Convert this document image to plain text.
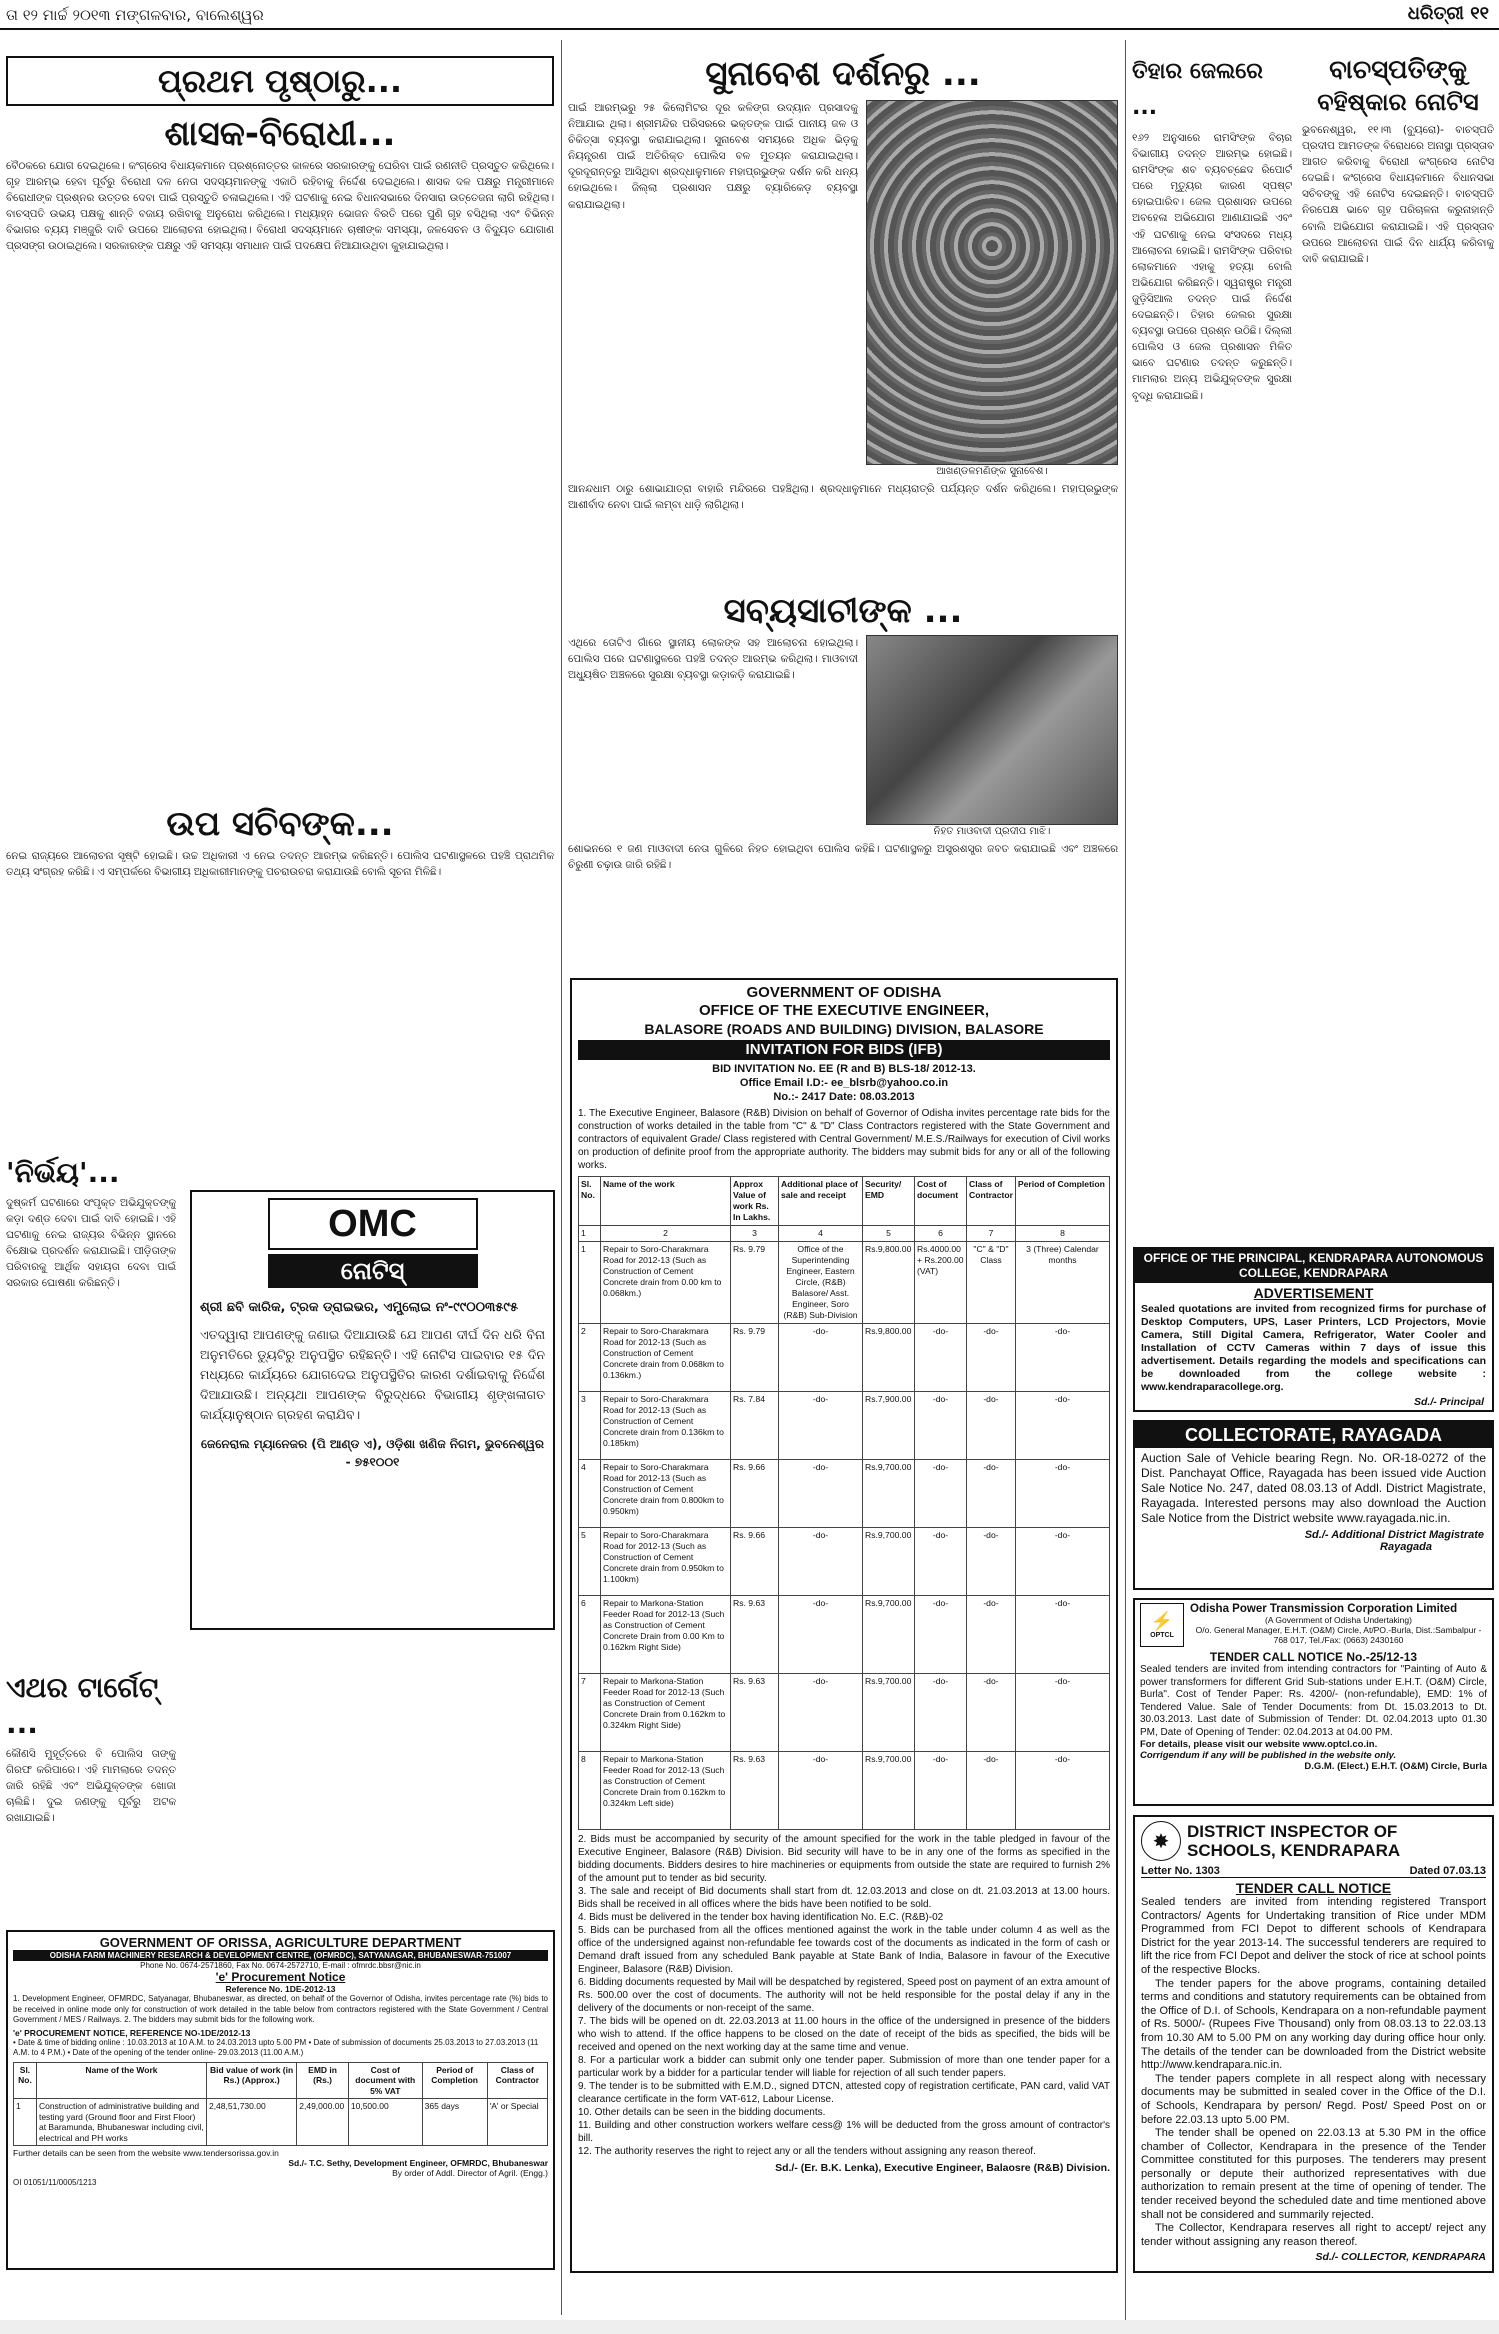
ତା ୧୨ ମାର୍ଚ୍ଚ ୨୦୧୩ ମଙ୍ଗଳବାର, ବାଲେଶ୍ୱର	ଧରିତ୍ରୀ ୧୧
ପ୍ରଥମ ପୃଷ୍ଠାରୁ...
ଶାସକ-ବିରୋଧୀ...

ବୈଠକରେ ଯୋଗ ଦେଇଥିଲେ। କଂଗ୍ରେସ ବିଧାୟକମାନେ ପ୍ରଶ୍ନୋତ୍ତର କାଳରେ ସରକାରଙ୍କୁ ଘେରିବା ପାଇଁ ରଣନୀତି ପ୍ରସ୍ତୁତ କରିଥିଲେ। ଗୃହ ଆରମ୍ଭ ହେବା ପୂର୍ବରୁ ବିରୋଧୀ ଦଳ ନେତା ସଦସ୍ୟମାନଙ୍କୁ ଏକାଠି ରହିବାକୁ ନିର୍ଦ୍ଦେଶ ଦେଇଥିଲେ। ଶାସକ ଦଳ ପକ୍ଷରୁ ମନ୍ତ୍ରୀମାନେ ବିରୋଧୀଙ୍କ ପ୍ରଶ୍ନର ଉତ୍ତର ଦେବା ପାଇଁ ପ୍ରସ୍ତୁତି ଚଳାଇଥିଲେ। ଏହି ଘଟଣାକୁ ନେଇ ବିଧାନସଭାରେ ଦିନସାରା ଉତ୍ତେଜନା ଲାଗି ରହିଥିଲା। ବାଚସ୍ପତି ଉଭୟ ପକ୍ଷକୁ ଶାନ୍ତି ବଜାୟ ରଖିବାକୁ ଅନୁରୋଧ କରିଥିଲେ। ମଧ୍ୟାହ୍ନ ଭୋଜନ ବିରତି ପରେ ପୁଣି ଗୃହ ବସିଥିଲା ଏବଂ ବିଭିନ୍ନ ବିଭାଗର ବ୍ୟୟ ମଞ୍ଜୁରି ଦାବି ଉପରେ ଆଲୋଚନା ହୋଇଥିଲା। ବିରୋଧୀ ସଦସ୍ୟମାନେ ଚାଷୀଙ୍କ ସମସ୍ୟା, ଜଳସେଚନ ଓ ବିଦ୍ୟୁତ ଯୋଗାଣ ପ୍ରସଙ୍ଗ ଉଠାଇଥିଲେ। ସରକାରଙ୍କ ପକ୍ଷରୁ ଏହି ସମସ୍ୟା ସମାଧାନ ପାଇଁ ପଦକ୍ଷେପ ନିଆଯାଉଥିବା କୁହାଯାଇଥିଲା।

ଉପ ସଚିବଙ୍କ...

ନେଇ ରାଜ୍ୟରେ ଆଲୋଚନା ସୃଷ୍ଟି ହୋଇଛି। ଉଚ୍ଚ ଅଧିକାରୀ ଏ ନେଇ ତଦନ୍ତ ଆରମ୍ଭ କରିଛନ୍ତି। ପୋଲିସ ଘଟଣାସ୍ଥଳରେ ପହଞ୍ଚି ପ୍ରାଥମିକ ତଥ୍ୟ ସଂଗ୍ରହ କରିଛି। ଏ ସମ୍ପର୍କରେ ବିଭାଗୀୟ ଅଧିକାରୀମାନଙ୍କୁ ପଚରାଉଚରା କରାଯାଉଛି ବୋଲି ସୂଚନା ମିଳିଛି।

'ନିର୍ଭୟ'...

ଦୁଷ୍କର୍ମ ଘଟଣାରେ ସଂପୃକ୍ତ ଅଭିଯୁକ୍ତଙ୍କୁ କଡ଼ା ଦଣ୍ଡ ଦେବା ପାଇଁ ଦାବି ହୋଇଛି। ଏହି ଘଟଣାକୁ ନେଇ ରାଜ୍ୟର ବିଭିନ୍ନ ସ୍ଥାନରେ ବିକ୍ଷୋଭ ପ୍ରଦର୍ଶନ କରାଯାଇଛି। ପୀଡ଼ିତାଙ୍କ ପରିବାରକୁ ଆର୍ଥିକ ସହାୟତା ଦେବା ପାଇଁ ସରକାର ଘୋଷଣା କରିଛନ୍ତି।

ଏଥର ଟାର୍ଗେଟ୍ ...

କୌଣସି ମୁହୂର୍ତ୍ତରେ ବି ପୋଲିସ ତାଙ୍କୁ ଗିରଫ କରିପାରେ। ଏହି ମାମଲାରେ ତଦନ୍ତ ଜାରି ରହିଛି ଏବଂ ଅଭିଯୁକ୍ତଙ୍କ ଖୋଜା ଚାଲିଛି। ଦୁଇ ଜଣଙ୍କୁ ପୂର୍ବରୁ ଅଟକ ରଖାଯାଇଛି।

OMC
ନୋଟିସ୍

ଶ୍ରୀ ଛବି କାରିକ, ଟ୍ରକ ଡ୍ରାଇଭର, ଏମ୍ପ୍ଲୋଇ ନଂ-୯୯୦୦୩୫୯୫

ଏତଦ୍ୱାରା ଆପଣଙ୍କୁ ଜଣାଇ ଦିଆଯାଉଛି ଯେ ଆପଣ ଦୀର୍ଘ ଦିନ ଧରି ବିନା ଅନୁମତିରେ ଡ୍ୟୁଟିରୁ ଅନୁପସ୍ଥିତ ରହିଛନ୍ତି। ଏହି ନୋଟିସ ପାଇବାର ୧୫ ଦିନ ମଧ୍ୟରେ କାର୍ଯ୍ୟରେ ଯୋଗଦେଇ ଅନୁପସ୍ଥିତିର କାରଣ ଦର୍ଶାଇବାକୁ ନିର୍ଦ୍ଦେଶ ଦିଆଯାଉଛି। ଅନ୍ୟଥା ଆପଣଙ୍କ ବିରୁଦ୍ଧରେ ବିଭାଗୀୟ ଶୃଙ୍ଖଳାଗତ କାର୍ଯ୍ୟାନୁଷ୍ଠାନ ଗ୍ରହଣ କରାଯିବ।

ଜେନେରାଲ ମ୍ୟାନେଜର (ପି ଆଣ୍ଡ ଏ), ଓଡ଼ିଶା ଖଣିଜ ନିଗମ, ଭୁବନେଶ୍ୱର - ୭୫୧୦୦୧

GOVERNMENT OF ORISSA, AGRICULTURE DEPARTMENT
ODISHA FARM MACHINERY RESEARCH & DEVELOPMENT CENTRE, (OFMRDC), SATYANAGAR, BHUBANESWAR-751007
Phone No. 0674-2571860, Fax No. 0674-2572710, E-mail : ofmrdc.bbsr@nic.in
'e' Procurement Notice
Reference No. 1DE-2012-13

1. Development Engineer, OFMRDC, Satyanagar, Bhubaneswar, as directed, on behalf of the Governor of Odisha, invites percentage rate (%) bids to be received in online mode only for construction of work detailed in the table below from contractors registered with the State Government / Central Government / MES / Railways. 2. The bidders may submit bids for the following work.

'e' PROCUREMENT NOTICE, REFERENCE NO-1DE/2012-13

• Date & time of bidding online : 10.03.2013 at 10 A.M. to 24.03.2013 upto 5.00 PM • Date of submission of documents 25.03.2013 to 27.03.2013 (11 A.M. to 4 P.M.) • Date of the opening of the tender online- 29.03.2013 (11.00 A.M.)

Sl. No.	Name of the Work	Bid value of work (in Rs.) (Approx.)	EMD in (Rs.)	Cost of document with 5% VAT	Period of Completion	Class of Contractor
1	Construction of administrative building and testing yard (Ground floor and First Floor) at Baramunda, Bhubaneswar including civil, electrical and PH works	2,48,51,730.00	2,49,000.00	10,500.00	365 days	'A' or Special
Further details can be seen from the website www.tendersorissa.gov.in
Sd./- T.C. Sethy, Development Engineer, OFMRDC, Bhubaneswar
By order of Addl. Director of Agril. (Engg.)
OI 01051/11/0005/1213
ସୁନାବେଶ ଦର୍ଶନରୁ ...

ପାଇଁ ଆରମ୍ଭରୁ ୨୫ କିଲୋମିଟର ଦୂର କଳିଙ୍ଗ ଉଦ୍ୟାନ ପ୍ରସାଦକୁ ନିଆଯାଇ ଥିଲା। ଶ୍ରୀମନ୍ଦିର ପରିସରରେ ଭକ୍ତଙ୍କ ପାଇଁ ପାନୀୟ ଜଳ ଓ ଚିକିତ୍ସା ବ୍ୟବସ୍ଥା କରାଯାଇଥିଲା। ସୁନାବେଶ ସମୟରେ ଅଧିକ ଭିଡ଼କୁ ନିୟନ୍ତ୍ରଣ ପାଇଁ ଅତିରିକ୍ତ ପୋଲିସ ବଳ ମୁତୟନ କରାଯାଇଥିଲା। ଦୂରଦୂରାନ୍ତରୁ ଆସିଥିବା ଶ୍ରଦ୍ଧାଳୁମାନେ ମହାପ୍ରଭୁଙ୍କ ଦର୍ଶନ କରି ଧନ୍ୟ ହୋଇଥିଲେ। ଜିଲ୍ଲା ପ୍ରଶାସନ ପକ୍ଷରୁ ବ୍ୟାରିକେଡ଼ ବ୍ୟବସ୍ଥା କରାଯାଇଥିଲା।

ଆଖଣ୍ଡଳମଣିଙ୍କ ସୁନାବେଶ।

ଆନନ୍ଦଧାମ ଠାରୁ ଶୋଭାଯାତ୍ରା ବାହାରି ମନ୍ଦିରରେ ପହଞ୍ଚିଥିଲା। ଶ୍ରଦ୍ଧାଳୁମାନେ ମଧ୍ୟରାତ୍ରି ପର୍ଯ୍ୟନ୍ତ ଦର୍ଶନ କରିଥିଲେ। ମହାପ୍ରଭୁଙ୍କ ଆଶୀର୍ବାଦ ନେବା ପାଇଁ ଲମ୍ବା ଧାଡ଼ି ଲାଗିଥିଲା।

ସବ୍ୟସାଚୀଙ୍କ ...

ଏଥିରେ ତୋଟିଏ ଗାଁରେ ସ୍ଥାନୀୟ ଲୋକଙ୍କ ସହ ଆଲୋଚନା ହୋଇଥିଲା। ପୋଲିସ ପରେ ଘଟଣାସ୍ଥଳରେ ପହଞ୍ଚି ତଦନ୍ତ ଆରମ୍ଭ କରିଥିଲା। ମାଓବାଦୀ ଅଧ୍ୟୁଷିତ ଅଞ୍ଚଳରେ ସୁରକ୍ଷା ବ୍ୟବସ୍ଥା କଡ଼ାକଡ଼ି କରାଯାଇଛି।

ନିହତ ମାଓବାଦୀ ପ୍ରଦୀପ ମାଝି।

ଶୋଭନରେ ୧ ଜଣ ମାଓବାଦୀ ନେତା ଗୁଳିରେ ନିହତ ହୋଇଥିବା ପୋଲିସ କହିଛି। ଘଟଣାସ୍ଥଳରୁ ଅସ୍ତ୍ରଶସ୍ତ୍ର ଜବତ କରାଯାଇଛି ଏବଂ ଅଞ୍ଚଳରେ ଚିରୁଣୀ ଚଢ଼ାଉ ଜାରି ରହିଛି।

GOVERNMENT OF ODISHA
OFFICE OF THE EXECUTIVE ENGINEER,
BALASORE (ROADS AND BUILDING) DIVISION, BALASORE
INVITATION FOR BIDS (IFB)
BID INVITATION No. EE (R and B) BLS-18/ 2012-13.
Office Email I.D:- ee_blsrb@yahoo.co.in
No.:- 2417 Date: 08.03.2013

1. The Executive Engineer, Balasore (R&B) Division on behalf of Governor of Odisha invites percentage rate bids for the construction of works detailed in the table from "C" & "D" Class Contractors registered with the State Government and contractors of equivalent Grade/ Class registered with Central Government/ M.E.S./Railways for execution of Civil works on production of definite proof from the appropriate authority. The bidders may submit bids for any or all of the following works.

Sl. No.	Name of the work	Approx Value of work Rs. In Lakhs.	Additional place of sale and receipt	Security/ EMD	Cost of document	Class of Contractor	Period of Completion
1	2	3	4	5	6	7	8
1	Repair to Soro-Charakmara Road for 2012-13 (Such as Construction of Cement Concrete drain from 0.00 km to 0.068km.)	Rs. 9.79	Office of the Superintending Engineer, Eastern Circle, (R&B) Balasore/ Asst. Engineer, Soro (R&B) Sub-Division	Rs.9,800.00	Rs.4000.00 + Rs.200.00 (VAT)	"C" & "D" Class	3 (Three) Calendar months
2	Repair to Soro-Charakmara Road for 2012-13 (Such as Construction of Cement Concrete drain from 0.068km to 0.136km.)	Rs. 9.79	-do-	Rs.9,800.00	-do-	-do-	-do-
3	Repair to Soro-Charakmara Road for 2012-13 (Such as Construction of Cement Concrete drain from 0.136km to 0.185km)	Rs. 7.84	-do-	Rs.7,900.00	-do-	-do-	-do-
4	Repair to Soro-Charakmara Road for 2012-13 (Such as Construction of Cement Concrete drain from 0.800km to 0.950km)	Rs. 9.66	-do-	Rs.9,700.00	-do-	-do-	-do-
5	Repair to Soro-Charakmara Road for 2012-13 (Such as Construction of Cement Concrete drain from 0.950km to 1.100km)	Rs. 9.66	-do-	Rs.9,700.00	-do-	-do-	-do-
6	Repair to Markona-Station Feeder Road for 2012-13 (Such as Construction of Cement Concrete Drain from 0.00 Km to 0.162km Right Side)	Rs. 9.63	-do-	Rs.9,700.00	-do-	-do-	-do-
7	Repair to Markona-Station Feeder Road for 2012-13 (Such as Construction of Cement Concrete Drain from 0.162km to 0.324km Right Side)	Rs. 9.63	-do-	Rs.9,700.00	-do-	-do-	-do-
8	Repair to Markona-Station Feeder Road for 2012-13 (Such as Construction of Cement Concrete Drain from 0.162km to 0.324km Left side)	Rs. 9.63	-do-	Rs.9,700.00	-do-	-do-	-do-

2. Bids must be accompanied by security of the amount specified for the work in the table pledged in favour of the Executive Engineer, Balasore (R&B) Division. Bid security will have to be in any one of the forms as specified in the bidding documents. Bidders desires to hire machineries or equipments from outside the state are required to furnish 2% of the amount put to tender as bid security.

3. The sale and receipt of Bid documents shall start from dt. 12.03.2013 and close on dt. 21.03.2013 at 13.00 hours. Bids shall be received in all offices where the bids have been notified to be sold.

4. Bids must be delivered in the tender box having identification No. E.C. (R&B)-02

5. Bids can be purchased from all the offices mentioned against the work in the table under column 4 as well as the office of the undersigned against non-refundable fee towards cost of the documents as indicated in the form of cash or Demand draft issued from any scheduled Bank payable at State Bank of India, Balasore in favour of the Executive Engineer, Balasore (R&B) Division.

6. Bidding documents requested by Mail will be despatched by registered, Speed post on payment of an extra amount of Rs. 500.00 over the cost of documents. The authority will not be held responsible for the postal delay if any in the delivery of the documents or non-receipt of the same.

7. The bids will be opened on dt. 22.03.2013 at 11.00 hours in the office of the undersigned in presence of the bidders who wish to attend. If the office happens to be closed on the date of receipt of the bids as specified, the bids will be received and opened on the next working day at the same time and venue.

8. For a particular work a bidder can submit only one tender paper. Submission of more than one tender paper for a particular work by a bidder for a particular tender will liable for rejection of all such tender papers.

9. The tender is to be submitted with E.M.D., signed DTCN, attested copy of registration certificate, PAN card, valid VAT clearance certificate in the form VAT-612, Labour License.

10. Other details can be seen in the bidding documents.

11. Building and other construction workers welfare cess@ 1% will be deducted from the gross amount of contractor's bill.

12. The authority reserves the right to reject any or all the tenders without assigning any reason thereof.

Sd./- (Er. B.K. Lenka), Executive Engineer, Balaosre (R&B) Division.
ତିହାର ଜେଲରେ ...

୧୬୨ ଅନୁସାରେ ରାମସିଂଙ୍କ ବିଚାର ବିଭାଗୀୟ ତଦନ୍ତ ଆରମ୍ଭ ହୋଇଛି। ରାମସିଂଙ୍କ ଶବ ବ୍ୟବଚ୍ଛେଦ ରିପୋର୍ଟ ପରେ ମୃତ୍ୟୁର କାରଣ ସ୍ପଷ୍ଟ ହୋଇପାରିବ। ଜେଲ ପ୍ରଶାସନ ଉପରେ ଅବହେଳା ଅଭିଯୋଗ ଆଣାଯାଇଛି ଏବଂ ଏହି ଘଟଣାକୁ ନେଇ ସଂସଦରେ ମଧ୍ୟ ଆଲୋଚନା ହୋଇଛି। ରାମସିଂଙ୍କ ପରିବାର ଲୋକମାନେ ଏହାକୁ ହତ୍ୟା ବୋଲି ଅଭିଯୋଗ କରିଛନ୍ତି। ସ୍ୱରାଷ୍ଟ୍ର ମନ୍ତ୍ରୀ ଜୁଡ଼ିସିଆଲ ତଦନ୍ତ ପାଇଁ ନିର୍ଦ୍ଦେଶ ଦେଇଛନ୍ତି। ତିହାର ଜେଲର ସୁରକ୍ଷା ବ୍ୟବସ୍ଥା ଉପରେ ପ୍ରଶ୍ନ ଉଠିଛି। ଦିଲ୍ଲୀ ପୋଲିସ ଓ ଜେଲ ପ୍ରଶାସନ ମିଳିତ ଭାବେ ଘଟଣାର ତଦନ୍ତ କରୁଛନ୍ତି। ମାମଲାର ଅନ୍ୟ ଅଭିଯୁକ୍ତଙ୍କ ସୁରକ୍ଷା ବୃଦ୍ଧି କରାଯାଇଛି।

ବାଚସ୍ପତିଙ୍କୁ
ବହିଷ୍କାର ନୋଟିସ

ଭୁବନେଶ୍ୱର, ୧୧।୩ (ବ୍ୟୁରୋ)- ବାଚସ୍ପତି ପ୍ରଦୀପ ଆମତଙ୍କ ବିରୋଧରେ ଅନାସ୍ଥା ପ୍ରସ୍ତାବ ଆଗତ କରିବାକୁ ବିରୋଧୀ କଂଗ୍ରେସ ନୋଟିସ ଦେଇଛି। କଂଗ୍ରେସ ବିଧାୟକମାନେ ବିଧାନସଭା ସଚିବଙ୍କୁ ଏହି ନୋଟିସ ଦେଇଛନ୍ତି। ବାଚସ୍ପତି ନିରପେକ୍ଷ ଭାବେ ଗୃହ ପରିଚାଳନା କରୁନାହାନ୍ତି ବୋଲି ଅଭିଯୋଗ କରାଯାଇଛି। ଏହି ପ୍ରସ୍ତାବ ଉପରେ ଆଲୋଚନା ପାଇଁ ଦିନ ଧାର୍ଯ୍ୟ କରିବାକୁ ଦାବି କରାଯାଇଛି।

OFFICE OF THE PRINCIPAL, KENDRAPARA AUTONOMOUS COLLEGE, KENDRAPARA
ADVERTISEMENT

Sealed quotations are invited from recognized firms for purchase of Desktop Computers, UPS, Laser Printers, LCD Projectors, Movie Camera, Still Digital Camera, Refrigerator, Water Cooler and Installation of CCTV Cameras within 7 days of issue this advertisement. Details regarding the models and specifications can be downloaded from the college website : www.kendraparacollege.org.

Sd./- Principal
COLLECTORATE, RAYAGADA

Auction Sale of Vehicle bearing Regn. No. OR-18-0272 of the Dist. Panchayat Office, Rayagada has been issued vide Auction Sale Notice No. 247, dated 08.03.13 of Addl. District Magistrate, Rayagada. Interested persons may also download the Auction Sale Notice from the District website www.rayagada.nic.in.

Sd./- Additional District Magistrate
Rayagada
⚡
OPTCL
Odisha Power Transmission Corporation Limited
(A Government of Odisha Undertaking)
O/o. General Manager, E.H.T. (O&M) Circle, At/PO.-Burla, Dist.:Sambalpur - 768 017, Tel./Fax: (0663) 2430160
TENDER CALL NOTICE No.-25/12-13

Sealed tenders are invited from intending contractors for "Painting of Auto & power transformers for different Grid Sub-stations under E.H.T. (O&M) Circle, Burla". Cost of Tender Paper: Rs. 4200/- (non-refundable), EMD: 1% of Tendered Value. Sale of Tender Documents: from Dt. 15.03.2013 to Dt. 30.03.2013. Last date of Submission of Tender: Dt. 02.04.2013 upto 01.30 PM, Date of Opening of Tender: 02.04.2013 at 04.00 PM.

For details, please visit our website www.optcl.co.in.
Corrigendum if any will be published in the website only.
D.G.M. (Elect.) E.H.T. (O&M) Circle, Burla
✸	DISTRICT INSPECTOR OF SCHOOLS, KENDRAPARA
Letter No. 1303	Dated 07.03.13
TENDER CALL NOTICE

Sealed tenders are invited from intending registered Transport Contractors/ Agents for Undertaking transition of Rice under MDM Programmed from FCI Depot to different schools of Kendrapara District for the year 2013-14. The successful tenderers are required to lift the rice from FCI Depot and deliver the stock of rice at school points of the respective Blocks.

The tender papers for the above programs, containing detailed terms and conditions and statutory requirements can be obtained from the Office of D.I. of Schools, Kendrapara on a non-refundable payment of Rs. 5000/- (Rupees Five Thousand) only from 08.03.13 to 22.03.13 from 10.30 AM to 5.00 PM on any working day during office hour only. The details of the tender can be downloaded from the District website http://www.kendrapara.nic.in.

The tender papers complete in all respect along with necessary documents may be submitted in sealed cover in the Office of the D.I. of Schools, Kendrapara by person/ Regd. Post/ Speed Post on or before 22.03.13 upto 5.00 PM.

The tender shall be opened on 22.03.13 at 5.30 PM in the office chamber of Collector, Kendrapara in the presence of the Tender Committee constituted for this purposes. The tenderers may present personally or depute their authorized representatives with due authorization to remain present at the time of opening of tender. The tender received beyond the scheduled date and time mentioned above shall not be considered and summarily rejected.

The Collector, Kendrapara reserves all right to accept/ reject any tender without assigning any reason thereof.

Sd./- COLLECTOR, KENDRAPARA
